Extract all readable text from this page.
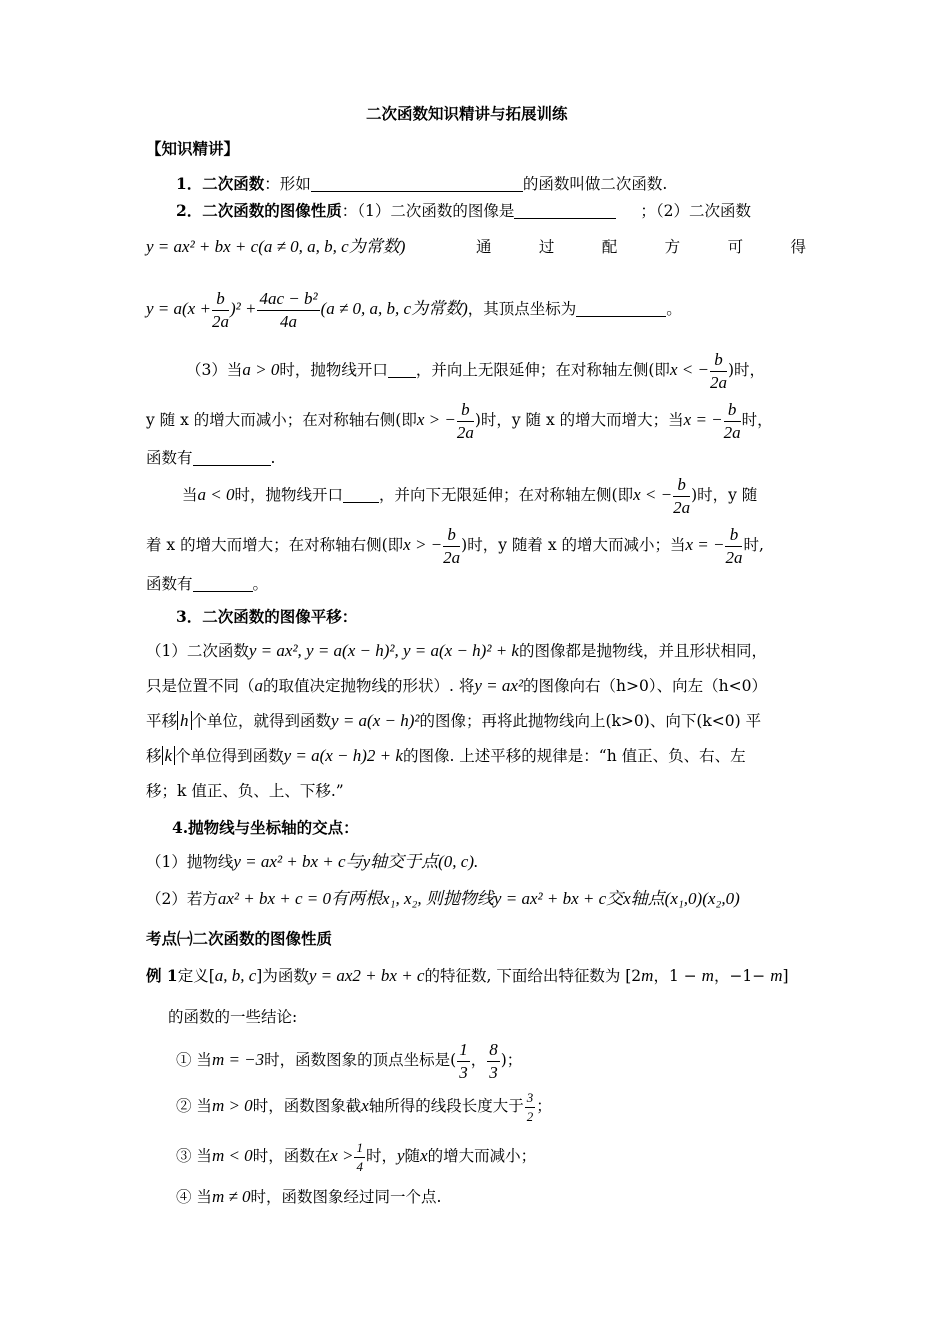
二次函数知识精讲与拓展训练
【知识精讲】
1．二次函数：形如	的函数叫做二次函数.
2．二次函数的图像性质：（1）二次函数的图像是	；（2）二次函数
y = ax² + bx + c(a ≠ 0, a, b, c为常数)	通	过	配	方	可	得
$y = a(x + \frac{b}{2a} )^2 + \frac{\text{4ac − b²}}{4a} (a \ne 0$, a, b, c为常数)，其顶点坐标为	。
（3）当a > 0时，抛物线开口 ，并向上无限延伸；在对称轴左侧(即x < − $\frac{b}{2a}$ )时，
y 随 x 的增大而减小；在对称轴右侧(即x > − $\frac{b}{2a}$ )时，y 随 x 的增大而增大；当x = − $\frac{b}{2a}$ 时，
函数有	.
当a < 0时，抛物线开口 ，并向下无限延伸；在对称轴左侧(即x < − $\frac{b}{2a}$ )时，y 随
着 x 的增大而增大；在对称轴右侧(即x > − $\frac{b}{2a}$ )时，y 随着 x 的增大而减小；当x = − $\frac{b}{2a}$ 时,
函数有	。
3．二次函数的图像平移：
（1）二次函数y = ax², y = a(x − h)², y = a(x − h)² + k的图像都是抛物线，并且形状相同，
只是位置不同（a的取值决定抛物线的形状）. 将y = ax²的图像向右（h>0）、向左（h<0）
平移 h 个单位，就得到函数y = a(x − h)²的图像；再将此抛物线向上(k>0)、向下(k<0) 平
移 k 个单位得到函数y = a(x − h)2 + k的图像. 上述平移的规律是：“h 值正、负、右、左
移；k 值正、负、上、下移.”
4.抛物线与坐标轴的交点：
（1）抛物线y = ax² + bx + c与y轴交于点(0, c).
（2）若方ax² + bx + c = 0有两根x₁, x₂, 则抛物线y = ax² + bx + c交x轴点(x₁,0)(x₂,0)
考点㈠二次函数的图像性质
例 1定义[a, b, c]为函数y = ax2 + bx + c的特征数, 下面给出特征数为 [2m，1 − m，−1− m]
的函数的一些结论:
① 当m = −3时，函数图象的顶点坐标是( $\frac{1}{3}$ ， $\frac{8}{3}$ )；
② 当m > 0时，函数图象截x轴所得的线段长度大于 $\frac{3}{2}$ ；
③ 当m < 0时，函数在$x > \frac{1}{4}$ 时，y随x的增大而减小；
④ 当m ≠ 0时，函数图象经过同一个点.
